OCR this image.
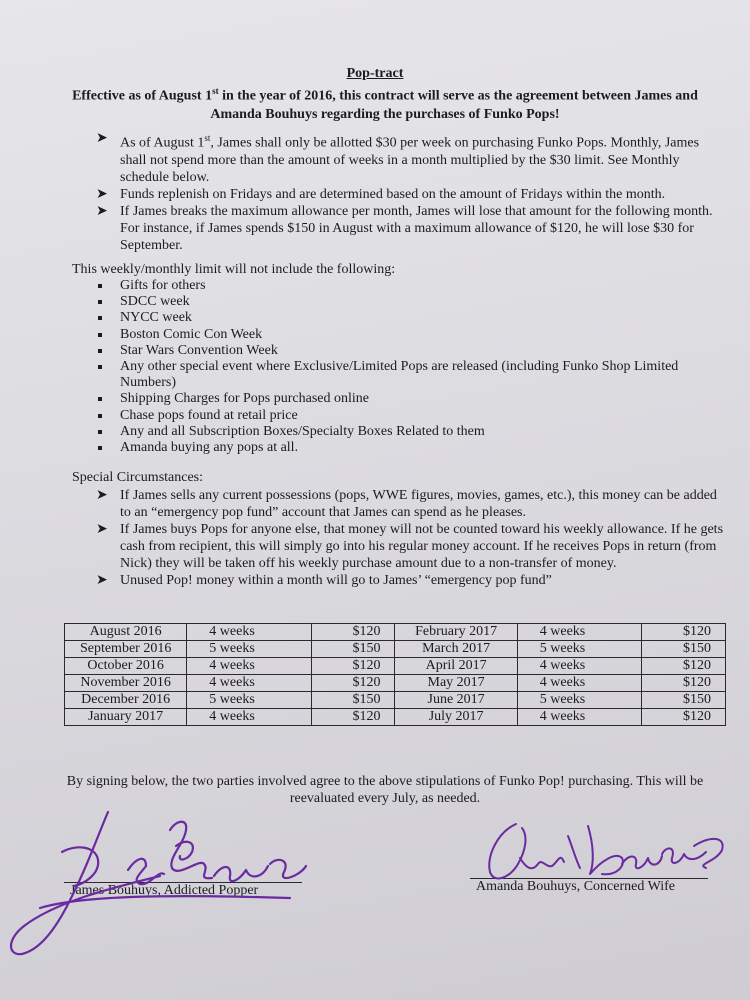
Pop-tract
Effective as of August 1st in the year of 2016, this contract will serve as the agreement between James and Amanda Bouhuys regarding the purchases of Funko Pops!
➤ As of August 1st, James shall only be allotted $30 per week on purchasing Funko Pops. Monthly, James shall not spend more than the amount of weeks in a month multiplied by the $30 limit. See Monthly schedule below.
➤ Funds replenish on Fridays and are determined based on the amount of Fridays within the month.
➤ If James breaks the maximum allowance per month, James will lose that amount for the following month. For instance, if James spends $150 in August with a maximum allowance of $120, he will lose $30 for September.
This weekly/monthly limit will not include the following:
Gifts for others
SDCC week
NYCC week
Boston Comic Con Week
Star Wars Convention Week
Any other special event where Exclusive/Limited Pops are released (including Funko Shop Limited Numbers)
Shipping Charges for Pops purchased online
Chase pops found at retail price
Any and all Subscription Boxes/Specialty Boxes Related to them
Amanda buying any pops at all.
Special Circumstances:
➤ If James sells any current possessions (pops, WWE figures, movies, games, etc.), this money can be added to an “emergency pop fund” account that James can spend as he pleases.
➤ If James buys Pops for anyone else, that money will not be counted toward his weekly allowance. If he gets cash from recipient, this will simply go into his regular money account. If he receives Pops in return (from Nick) they will be taken off his weekly purchase amount due to a non-transfer of money.
➤ Unused Pop! money within a month will go to James’ “emergency pop fund”
August 2016	4 weeks	$120	February 2017	4 weeks	$120
September 2016	5 weeks	$150	March 2017	5 weeks	$150
October 2016	4 weeks	$120	April 2017	4 weeks	$120
November 2016	4 weeks	$120	May 2017	4 weeks	$120
December 2016	5 weeks	$150	June 2017	5 weeks	$150
January 2017	4 weeks	$120	July 2017	4 weeks	$120
By signing below, the two parties involved agree to the above stipulations of Funko Pop! purchasing. This will be reevaluated every July, as needed.
James Bouhuys, Addicted Popper	Amanda Bouhuys, Concerned Wife
